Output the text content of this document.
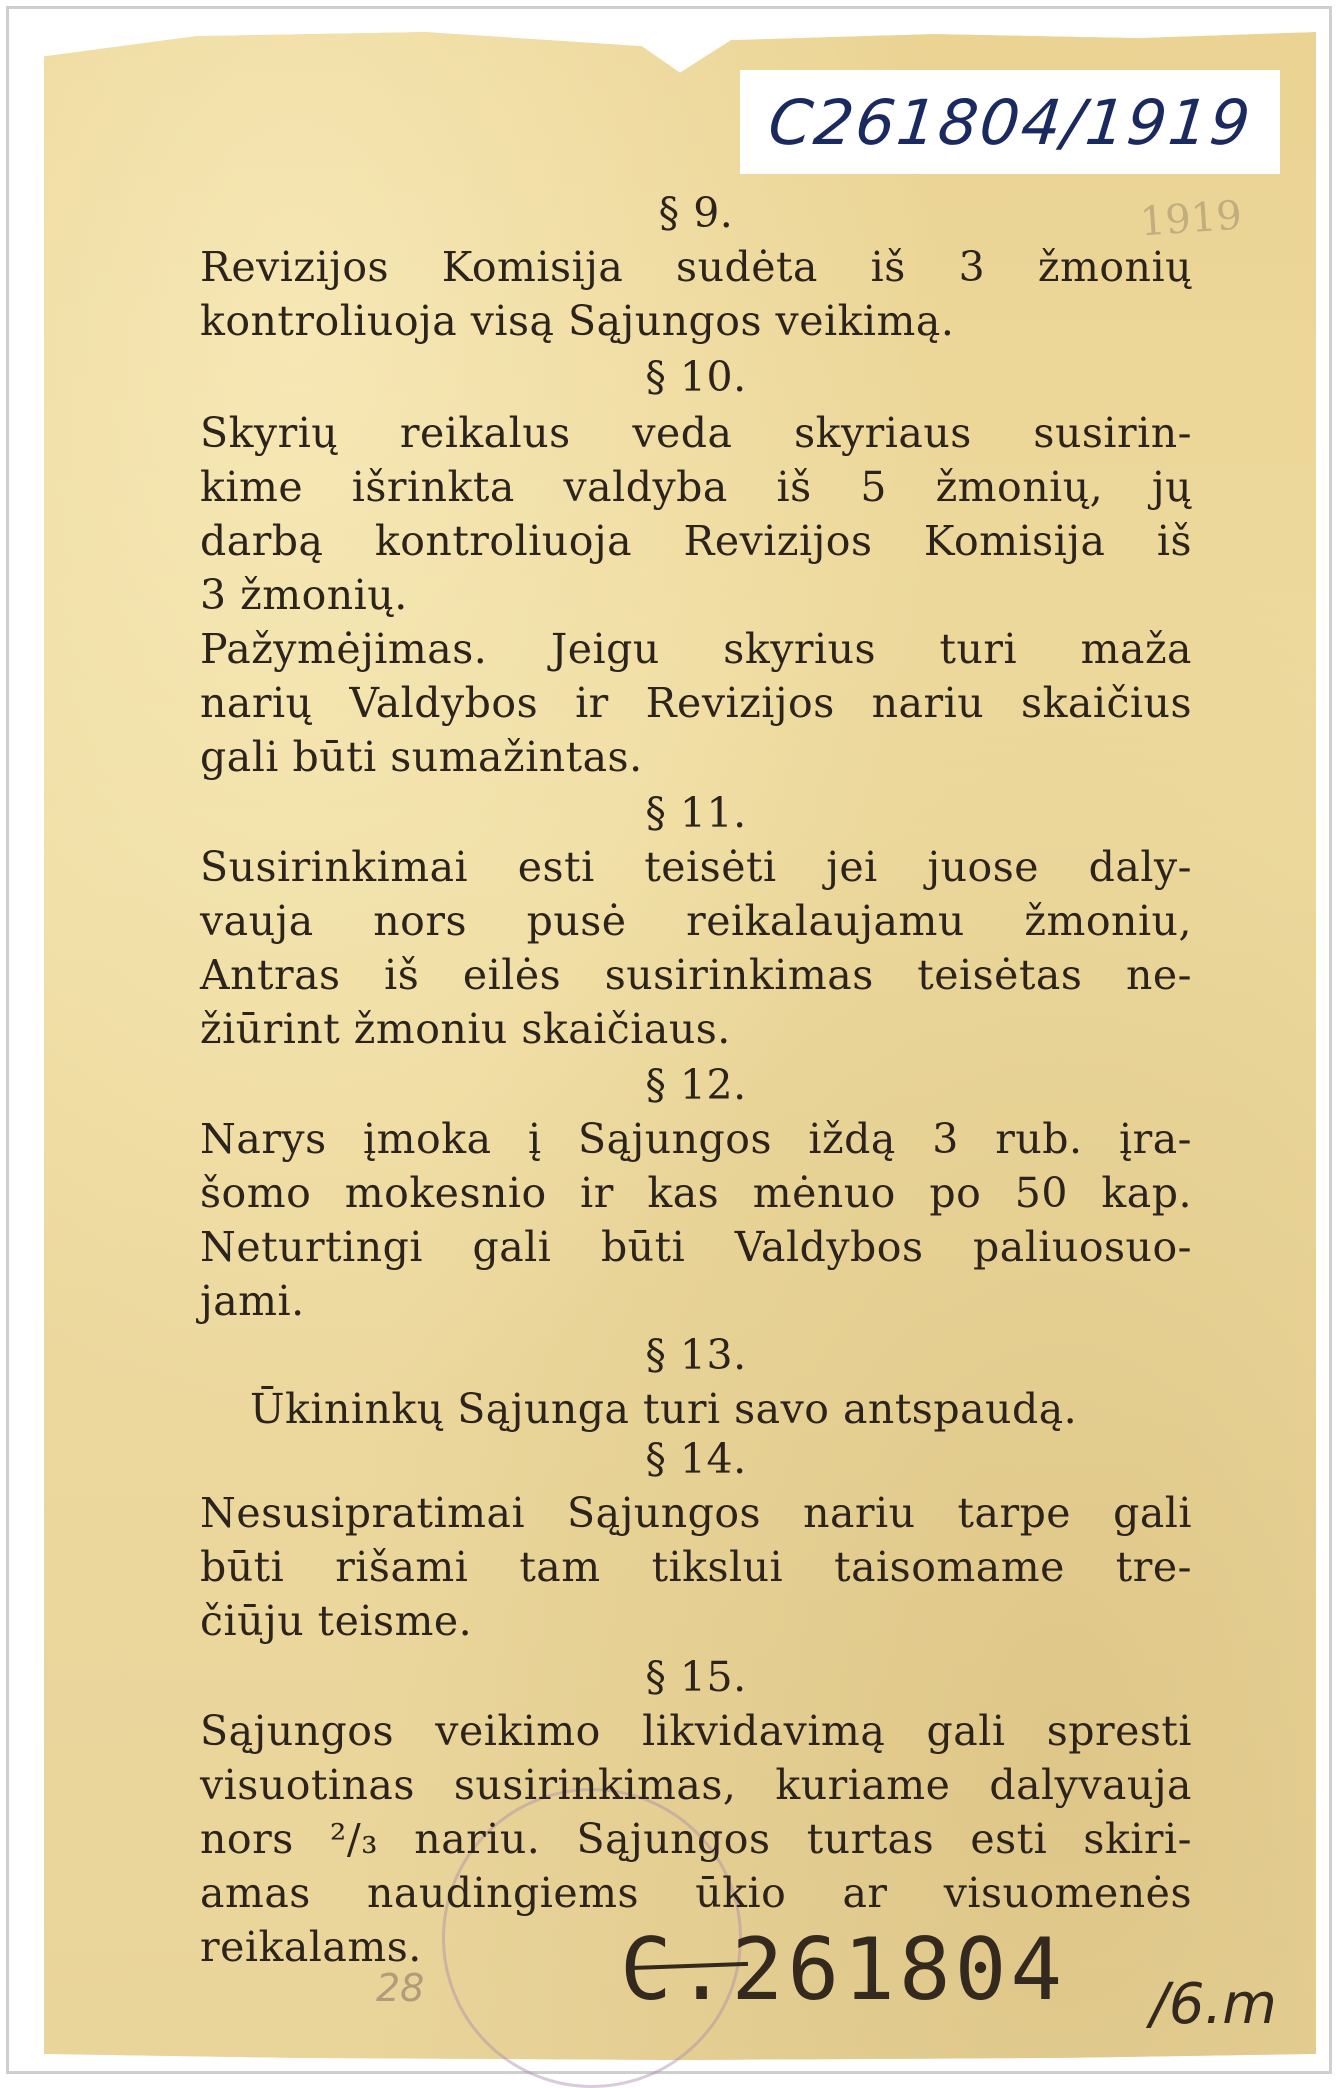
C261804/1919
1919
§ 9.
Revizijos Komisija sudėta iš 3 žmonių
kontroliuoja visą Sąjungos veikimą.
§ 10.
Skyrių reikalus veda skyriaus susirin-
kime išrinkta valdyba iš 5 žmonių, jų
darbą kontroliuoja Revizijos Komisija iš
3 žmonių.
Pažymėjimas. Jeigu skyrius turi maža
narių Valdybos ir Revizijos nariu skaičius
gali būti sumažintas.
§ 11.
Susirinkimai esti teisėti jei juose daly-
vauja nors pusė reikalaujamu žmoniu,
Antras iš eilės susirinkimas teisėtas ne-
žiūrint žmoniu skaičiaus.
§ 12.
Narys įmoka į Sąjungos iždą 3 rub. įra-
šomo mokesnio ir kas mėnuo po 50 kap.
Neturtingi gali būti Valdybos paliuosuo-
jami.
§ 13.
Ūkininkų Sąjunga turi savo antspaudą.
§ 14.
Nesusipratimai Sąjungos nariu tarpe gali
būti rišami tam tikslui taisomame tre-
čiūju teisme.
§ 15.
Sąjungos veikimo likvidavimą gali spresti
visuotinas susirinkimas, kuriame dalyvauja
nors ²/₃ nariu. Sąjungos turtas esti skiri-
amas naudingiems ūkio ar visuomenės
reikalams.	C.261804 /6.m
28
